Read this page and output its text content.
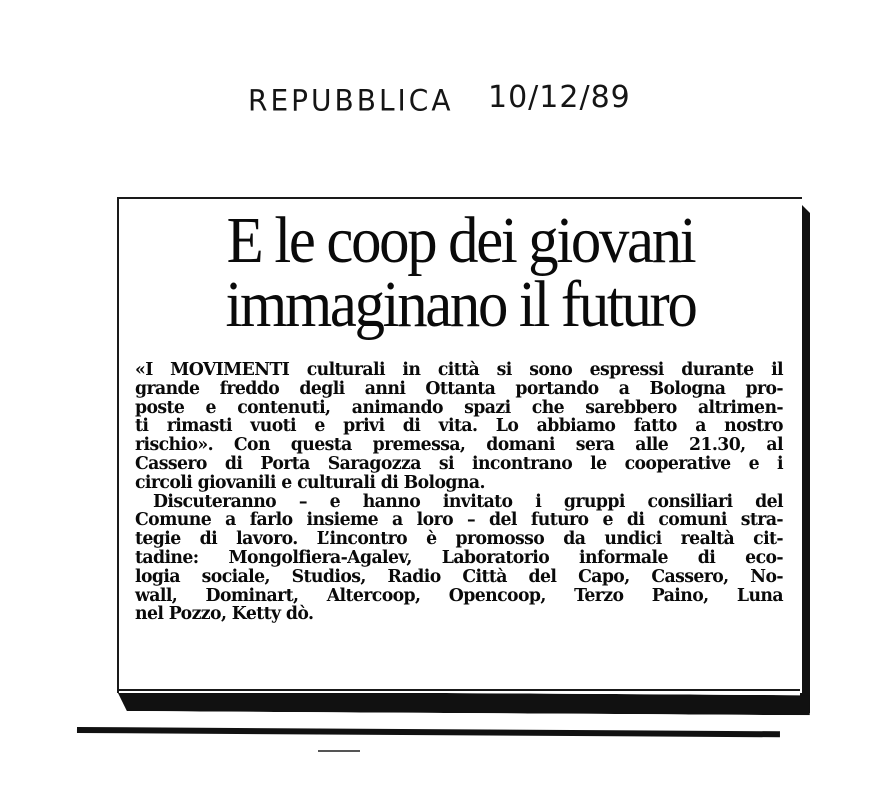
REPUBBLICA 10/12/89
E le coop dei giovani
immaginano il futuro
«I MOVIMENTI culturali in città si sono espressi durante il
grande freddo degli anni Ottanta portando a Bologna pro-
poste e contenuti, animando spazi che sarebbero altrimen-
ti rimasti vuoti e privi di vita. Lo abbiamo fatto a nostro
rischio». Con questa premessa, domani sera alle 21.30, al
Cassero di Porta Saragozza si incontrano le cooperative e i
circoli giovanili e culturali di Bologna.
Discuteranno – e hanno invitato i gruppi consiliari del
Comune a farlo insieme a loro – del futuro e di comuni stra-
tegie di lavoro. L’incontro è promosso da undici realtà cit-
tadine: Mongolfiera-Agalev, Laboratorio informale di eco-
logia sociale, Studios, Radio Città del Capo, Cassero, No-
wall, Dominart, Altercoop, Opencoop, Terzo Paino, Luna
nel Pozzo, Ketty dò.
